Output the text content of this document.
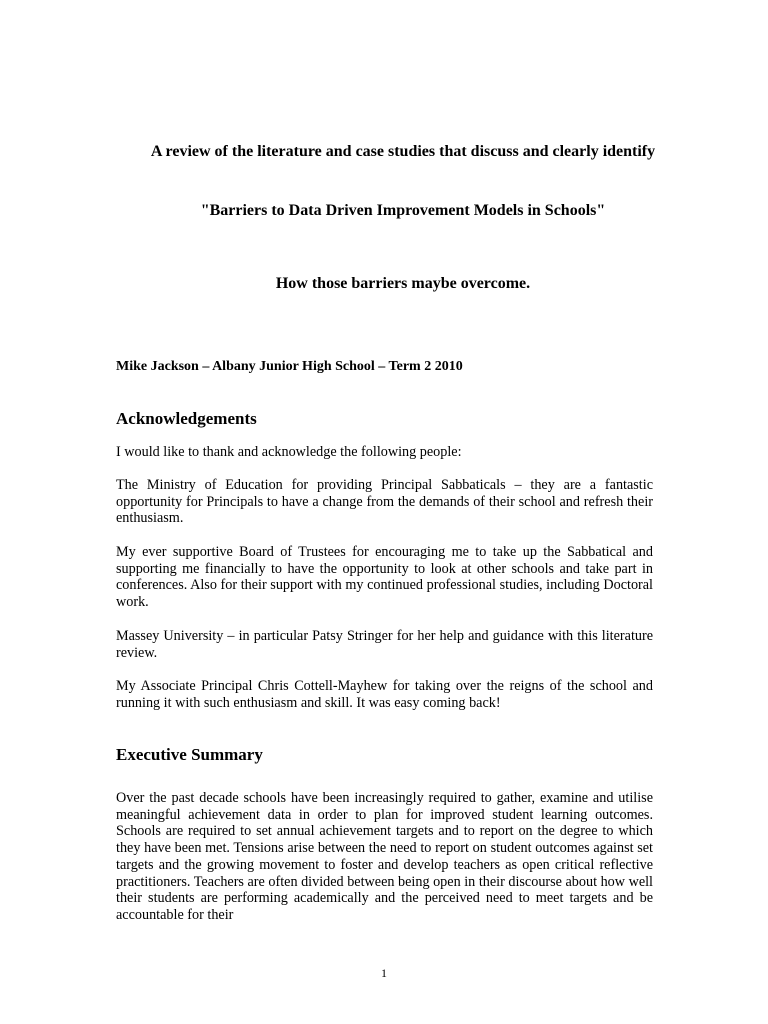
A review of the literature and case studies that discuss and clearly identify
"Barriers to Data Driven Improvement Models in Schools"
How those barriers maybe overcome.
Mike Jackson – Albany Junior High School – Term 2 2010
Acknowledgements

I would like to thank and acknowledge the following people:

The Ministry of Education for providing Principal Sabbaticals – they are a fantastic opportunity for Principals to have a change from the demands of their school and refresh their enthusiasm.

My ever supportive Board of Trustees for encouraging me to take up the Sabbatical and supporting me financially to have the opportunity to look at other schools and take part in conferences. Also for their support with my continued professional studies, including Doctoral work.

Massey University – in particular Patsy Stringer for her help and guidance with this literature review.

My Associate Principal Chris Cottell-Mayhew for taking over the reigns of the school and running it with such enthusiasm and skill. It was easy coming back!

Executive Summary

Over the past decade schools have been increasingly required to gather, examine and utilise meaningful achievement data in order to plan for improved student learning outcomes. Schools are required to set annual achievement targets and to report on the degree to which they have been met. Tensions arise between the need to report on student outcomes against set targets and the growing movement to foster and develop teachers as open critical reflective practitioners. Teachers are often divided between being open in their discourse about how well their students are performing academically and the perceived need to meet targets and be accountable for their

1
